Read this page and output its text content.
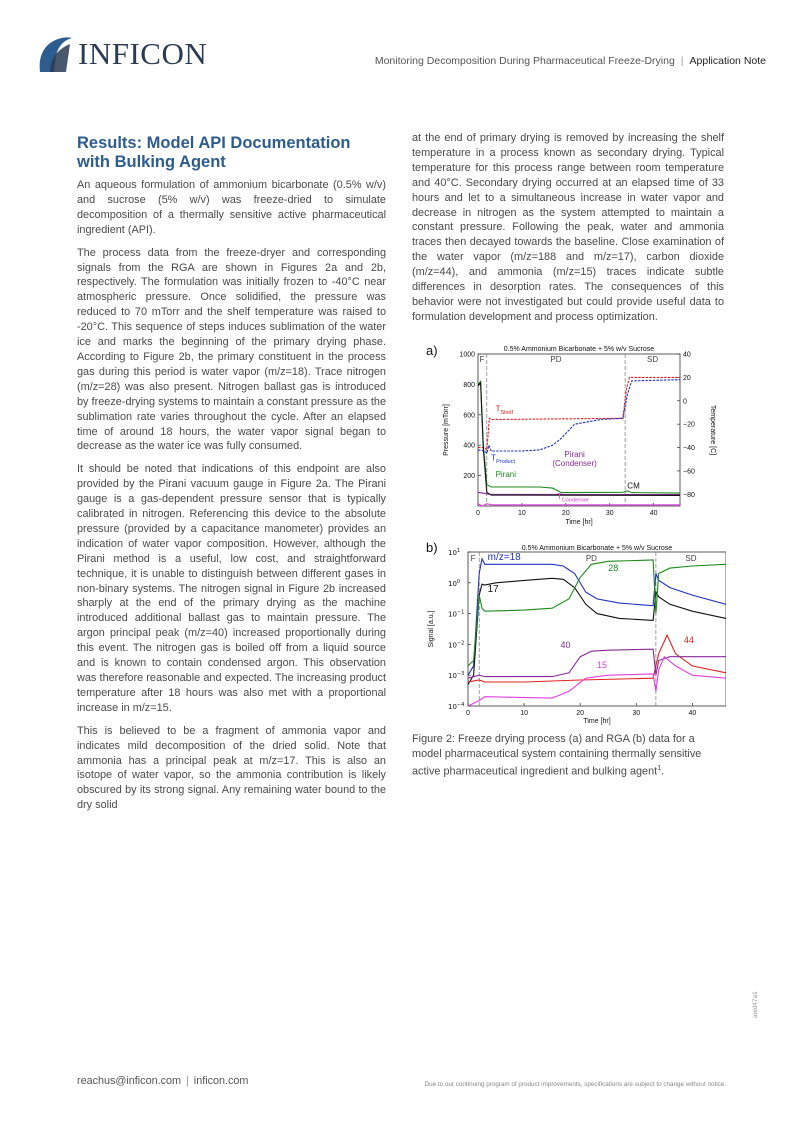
INFICON	Monitoring Decomposition During Pharmaceutical Freeze-Drying | Application Note
Results: Model API Documentation with Bulking Agent

An aqueous formulation of ammonium bicarbonate (0.5% w/v) and sucrose (5% w/v) was freeze-dried to simulate decomposition of a thermally sensitive active pharmaceutical ingredient (API).

The process data from the freeze-dryer and corresponding signals from the RGA are shown in Figures 2a and 2b, respectively. The formulation was initially frozen to -40°C near atmospheric pressure. Once solidified, the pressure was reduced to 70 mTorr and the shelf temperature was raised to -20°C. This sequence of steps induces sublimation of the water ice and marks the beginning of the primary drying phase. According to Figure 2b, the primary constituent in the process gas during this period is water vapor (m/z=18). Trace nitrogen (m/z=28) was also present. Nitrogen ballast gas is introduced by freeze-drying systems to maintain a constant pressure as the sublimation rate varies throughout the cycle. After an elapsed time of around 18 hours, the water vapor signal began to decrease as the water ice was fully consumed.

It should be noted that indications of this endpoint are also provided by the Pirani vacuum gauge in Figure 2a. The Pirani gauge is a gas-dependent pressure sensor that is typically calibrated in nitrogen. Referencing this device to the absolute pressure (provided by a capacitance manometer) provides an indication of water vapor composition. However, although the Pirani method is a useful, low cost, and straightforward technique, it is unable to distinguish between different gases in non-binary systems. The nitrogen signal in Figure 2b increased sharply at the end of the primary drying as the machine introduced additional ballast gas to maintain pressure. The argon principal peak (m/z=40) increased proportionally during this event. The nitrogen gas is boiled off from a liquid source and is known to contain condensed argon. This observation was therefore reasonable and expected. The increasing product temperature after 18 hours was also met with a proportional increase in m/z=15.

This is believed to be a fragment of ammonia vapor and indicates mild decomposition of the dried solid. Note that ammonia has a principal peak at m/z=17. This is also an isotope of water vapor, so the ammonia contribution is likely obscured by its strong signal. Any remaining water bound to the dry solid

at the end of primary drying is removed by increasing the shelf temperature in a process known as secondary drying. Typical temperature for this process range between room temperature and 40°C. Secondary drying occurred at an elapsed time of 33 hours and let to a simultaneous increase in water vapor and decrease in nitrogen as the system attempted to maintain a constant pressure. Following the peak, water and ammonia traces then decayed towards the baseline. Close examination of the water vapor (m/z=188 and m/z=17), carbon dioxide (m/z=44), and ammonia (m/z=15) traces indicate subtle differences in desorption rates. The consequences of this behavior were not investigated but could provide useful data to formulation development and process optimization.

a)	0.5% Ammonium Bicarbonate + 5% w/v Sucrose
F	PD	SD
0	10	20	30	40
200
400
600
800
1000
−80
−60
−40
−20
0
20
40
Time [hr]
Pressure [mTorr]	Temperature [C]
$T_{Shelf}$
$T_{Product}$
Pirani
Pirani (Condenser)
$T_{Condenser}$
CM
b)	0.5% Ammonium Bicarbonate + 5% w/v Sucrose
F	PD	SD
0	10	20	30	40
$10^1$
$10^0$
$10^{-1}$
$10^{-2}$
$10^{-3}$
$10^{-4}$
Time [hr]
Signal [a.u.]
m/z=18
17
28
44
40
15
Figure 2: Freeze drying process (a) and RGA (b) data for a model pharmaceutical system containing thermally sensitive active pharmaceutical ingredient and bulking agent$^1$.
reachus@inficon.com | inficon.com	Due to our continuing program of product improvements, specifications are subject to change without notice.
aoid47a1
